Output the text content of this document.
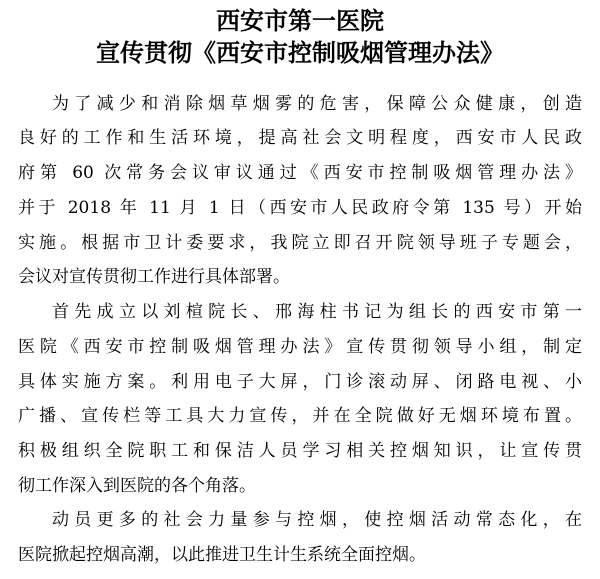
西安市第一医院
宣传贯彻《西安市控制吸烟管理办法》
为了减少和消除烟草烟雾的危害，保障公众健康，创造
良好的工作和生活环境，提高社会文明程度，西安市人民政
府第 60 次常务会议审议通过《西安市控制吸烟管理办法》
并于 2018 年 11 月 1 日（西安市人民政府令第 135 号）开始
实施。根据市卫计委要求，我院立即召开院领导班子专题会，
会议对宣传贯彻工作进行具体部署。
首先成立以刘楦院长、邢海柱书记为组长的西安市第一
医院《西安市控制吸烟管理办法》宣传贯彻领导小组，制定
具体实施方案。利用电子大屏，门诊滚动屏、闭路电视、小
广播、宣传栏等工具大力宣传，并在全院做好无烟环境布置。
积极组织全院职工和保洁人员学习相关控烟知识，让宣传贯
彻工作深入到医院的各个角落。
动员更多的社会力量参与控烟，使控烟活动常态化，在
医院掀起控烟高潮，以此推进卫生计生系统全面控烟。
